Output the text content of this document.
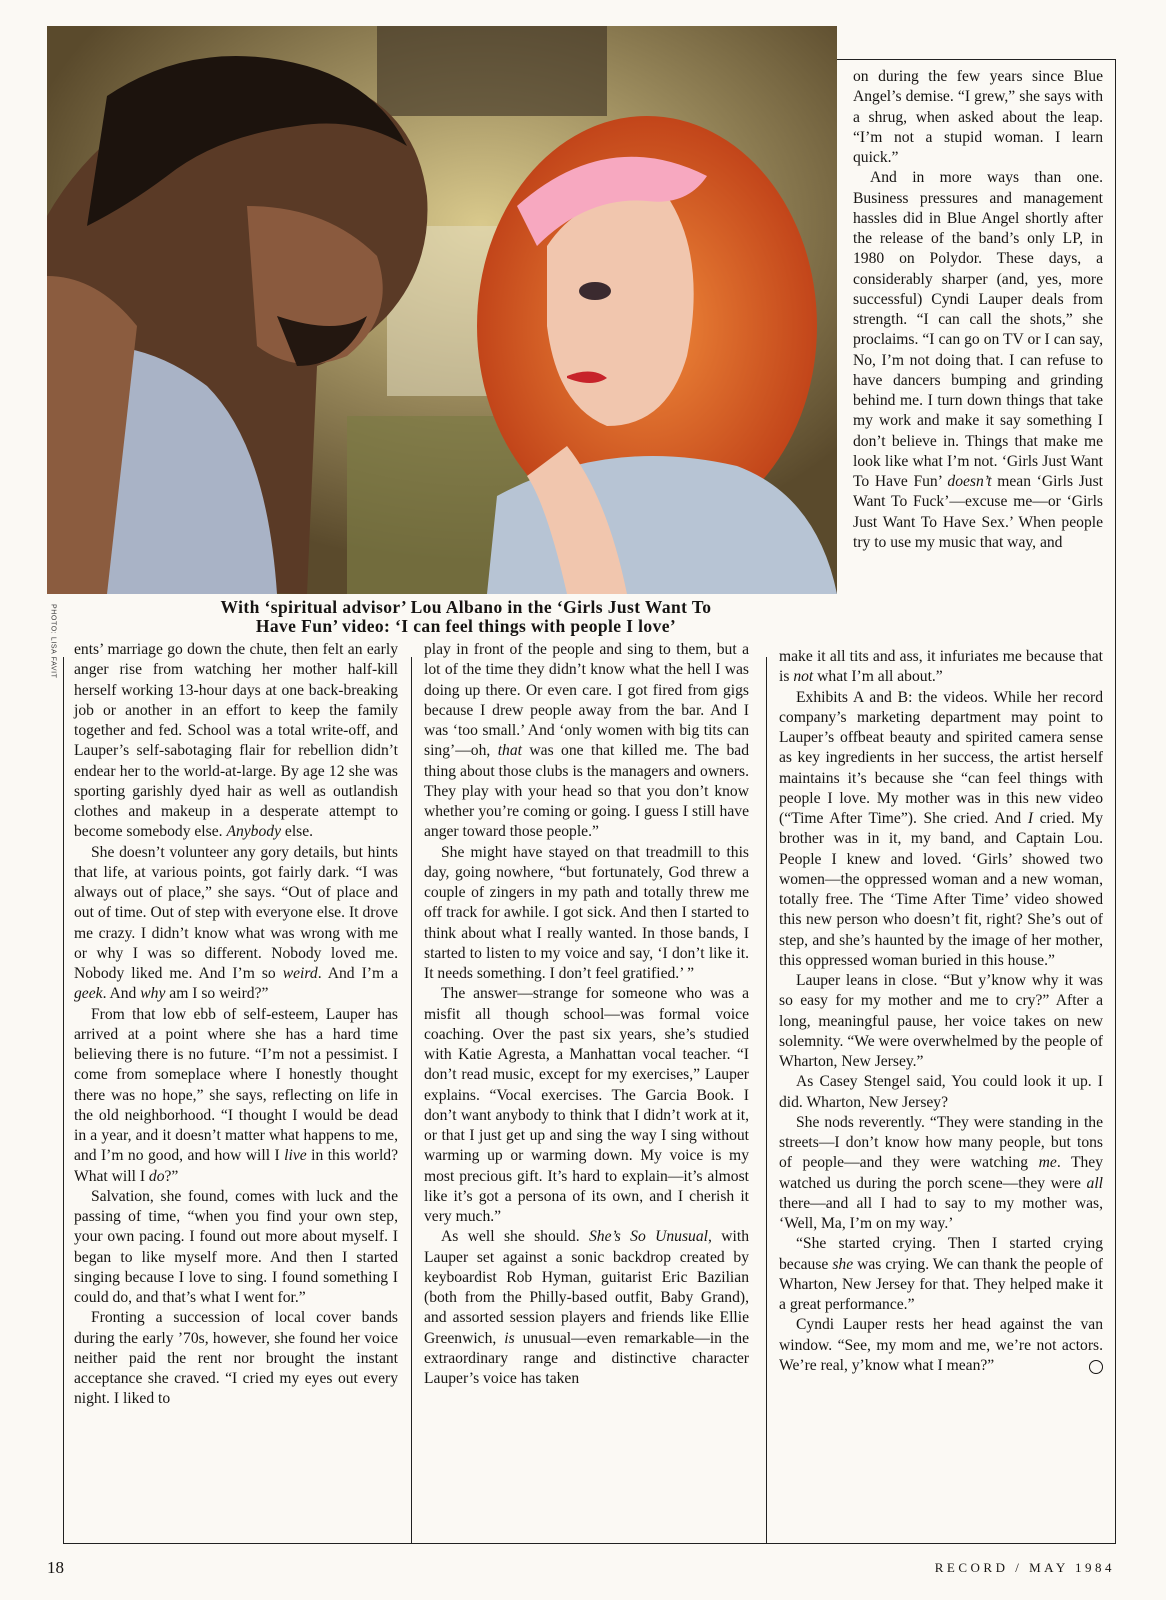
PHOTO: LISA FAVIT	With ‘spiritual advisor’ Lou Albano in the ‘Girls Just Want To
Have Fun’ video: ‘I can feel things with people I love’

ents’ marriage go down the chute, then felt an early anger rise from watching her mother half-kill herself working 13-hour days at one back-breaking job or another in an effort to keep the family together and fed. School was a total write-off, and Lauper’s self-sabotaging flair for rebellion didn’t endear her to the world-at-large. By age 12 she was sporting garishly dyed hair as well as outlandish clothes and makeup in a desperate attempt to become somebody else. Anybody else.

She doesn’t volunteer any gory details, but hints that life, at various points, got fairly dark. “I was always out of place,” she says. “Out of place and out of time. Out of step with everyone else. It drove me crazy. I didn’t know what was wrong with me or why I was so different. Nobody loved me. Nobody liked me. And I’m so weird. And I’m a geek. And why am I so weird?”

From that low ebb of self-esteem, Lauper has arrived at a point where she has a hard time believing there is no future. “I’m not a pessimist. I come from someplace where I honestly thought there was no hope,” she says, reflecting on life in the old neighborhood. “I thought I would be dead in a year, and it doesn’t matter what happens to me, and I’m no good, and how will I live in this world? What will I do?”

Salvation, she found, comes with luck and the passing of time, “when you find your own step, your own pacing. I found out more about myself. I began to like myself more. And then I started singing because I love to sing. I found something I could do, and that’s what I went for.”

Fronting a succession of local cover bands during the early ’70s, however, she found her voice neither paid the rent nor brought the instant acceptance she craved. “I cried my eyes out every night. I liked to

play in front of the people and sing to them, but a lot of the time they didn’t know what the hell I was doing up there. Or even care. I got fired from gigs because I drew people away from the bar. And I was ‘too small.’ And ‘only women with big tits can sing’—oh, that was one that killed me. The bad thing about those clubs is the managers and owners. They play with your head so that you don’t know whether you’re coming or going. I guess I still have anger toward those people.”

She might have stayed on that treadmill to this day, going nowhere, “but fortunately, God threw a couple of zingers in my path and totally threw me off track for awhile. I got sick. And then I started to think about what I really wanted. In those bands, I started to listen to my voice and say, ‘I don’t like it. It needs something. I don’t feel gratified.’ ”

The answer—strange for someone who was a misfit all though school—was formal voice coaching. Over the past six years, she’s studied with Katie Agresta, a Manhattan vocal teacher. “I don’t read music, except for my exercises,” Lauper explains. “Vocal exercises. The Garcia Book. I don’t want anybody to think that I didn’t work at it, or that I just get up and sing the way I sing without warming up or warming down. My voice is my most precious gift. It’s hard to explain—it’s almost like it’s got a persona of its own, and I cherish it very much.”

As well she should. She’s So Unusual, with Lauper set against a sonic backdrop created by keyboardist Rob Hyman, guitarist Eric Bazilian (both from the Philly-based outfit, Baby Grand), and assorted session players and friends like Ellie Greenwich, is unusual—even remarkable—in the extraordinary range and distinctive character Lauper’s voice has taken

on during the few years since Blue Angel’s demise. “I grew,” she says with a shrug, when asked about the leap. “I’m not a stupid woman. I learn quick.”

And in more ways than one. Business pressures and management hassles did in Blue Angel shortly after the release of the band’s only LP, in 1980 on Polydor. These days, a considerably sharper (and, yes, more successful) Cyndi Lauper deals from strength. “I can call the shots,” she proclaims. “I can go on TV or I can say, No, I’m not doing that. I can refuse to have dancers bumping and grinding behind me. I turn down things that take my work and make it say something I don’t believe in. Things that make me look like what I’m not. ‘Girls Just Want To Have Fun’ doesn’t mean ‘Girls Just Want To Fuck’—excuse me—or ‘Girls Just Want To Have Sex.’ When people try to use my music that way, and

make it all tits and ass, it infuriates me because that is not what I’m all about.”

Exhibits A and B: the videos. While her record company’s marketing department may point to Lauper’s offbeat beauty and spirited camera sense as key ingredients in her success, the artist herself maintains it’s because she “can feel things with people I love. My mother was in this new video (“Time After Time”). She cried. And I cried. My brother was in it, my band, and Captain Lou. People I knew and loved. ‘Girls’ showed two women—the oppressed woman and a new woman, totally free. The ‘Time After Time’ video showed this new person who doesn’t fit, right? She’s out of step, and she’s haunted by the image of her mother, this oppressed woman buried in this house.”

Lauper leans in close. “But y’know why it was so easy for my mother and me to cry?” After a long, meaningful pause, her voice takes on new solemnity. “We were overwhelmed by the people of Wharton, New Jersey.”

As Casey Stengel said, You could look it up. I did. Wharton, New Jersey?

She nods reverently. “They were standing in the streets—I don’t know how many people, but tons of people—and they were watching me. They watched us during the porch scene—they were all there—and all I had to say to my mother was, ‘Well, Ma, I’m on my way.’

“She started crying. Then I started crying because she was crying. We can thank the people of Wharton, New Jersey for that. They helped make it a great performance.”

Cyndi Lauper rests her head against the van window. “See, my mom and me, we’re not actors. We’re real, y’know what I mean?”

18	RECORD / MAY 1984
